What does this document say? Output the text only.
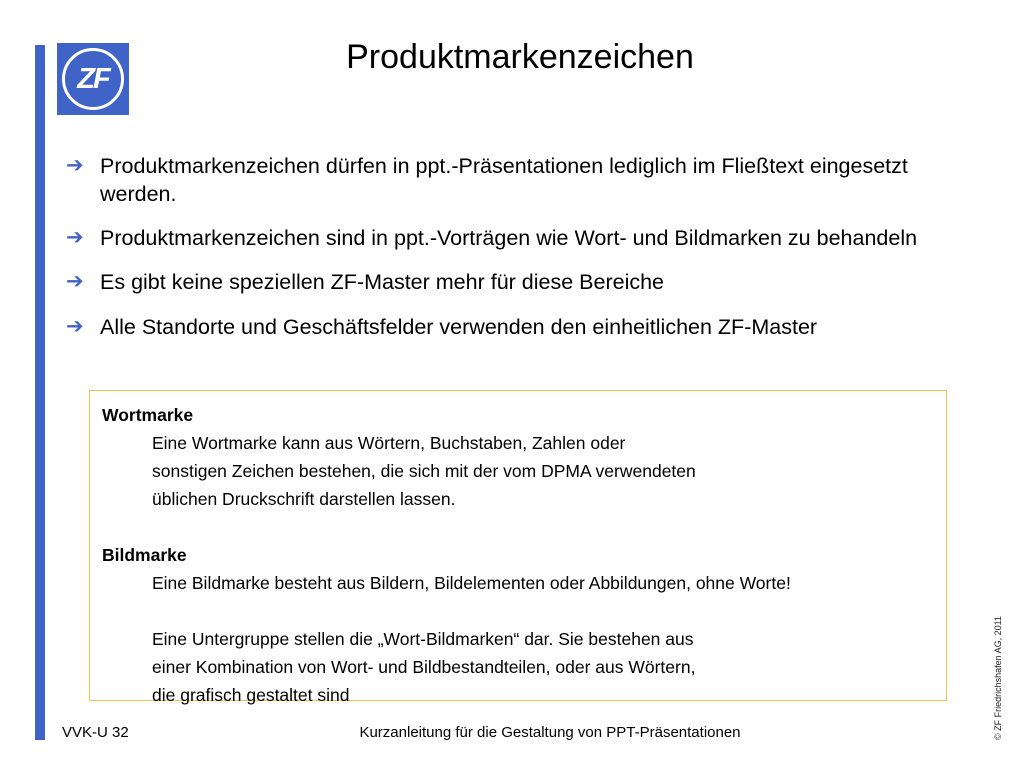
ZF
Produktmarkenzeichen
➔ Produktmarkenzeichen dürfen in ppt.-Präsentationen lediglich im Fließtext eingesetzt werden.
➔ Produktmarkenzeichen sind in ppt.-Vorträgen wie Wort- und Bildmarken zu behandeln
➔ Es gibt keine speziellen ZF-Master mehr für diese Bereiche
➔ Alle Standorte und Geschäftsfelder verwenden den einheitlichen ZF-Master

Wortmarke

Eine Wortmarke kann aus Wörtern, Buchstaben, Zahlen oder

sonstigen Zeichen bestehen, die sich mit der vom DPMA verwendeten

üblichen Druckschrift darstellen lassen.

Bildmarke

Eine Bildmarke besteht aus Bildern, Bildelementen oder Abbildungen, ohne Worte!

Eine Untergruppe stellen die „Wort-Bildmarken“ dar. Sie bestehen aus

einer Kombination von Wort- und Bildbestandteilen, oder aus Wörtern,

die grafisch gestaltet sind

VVK-U 32	Kurzanleitung für die Gestaltung von PPT-Präsentationen	© ZF Friedrichshafen AG, 2011
